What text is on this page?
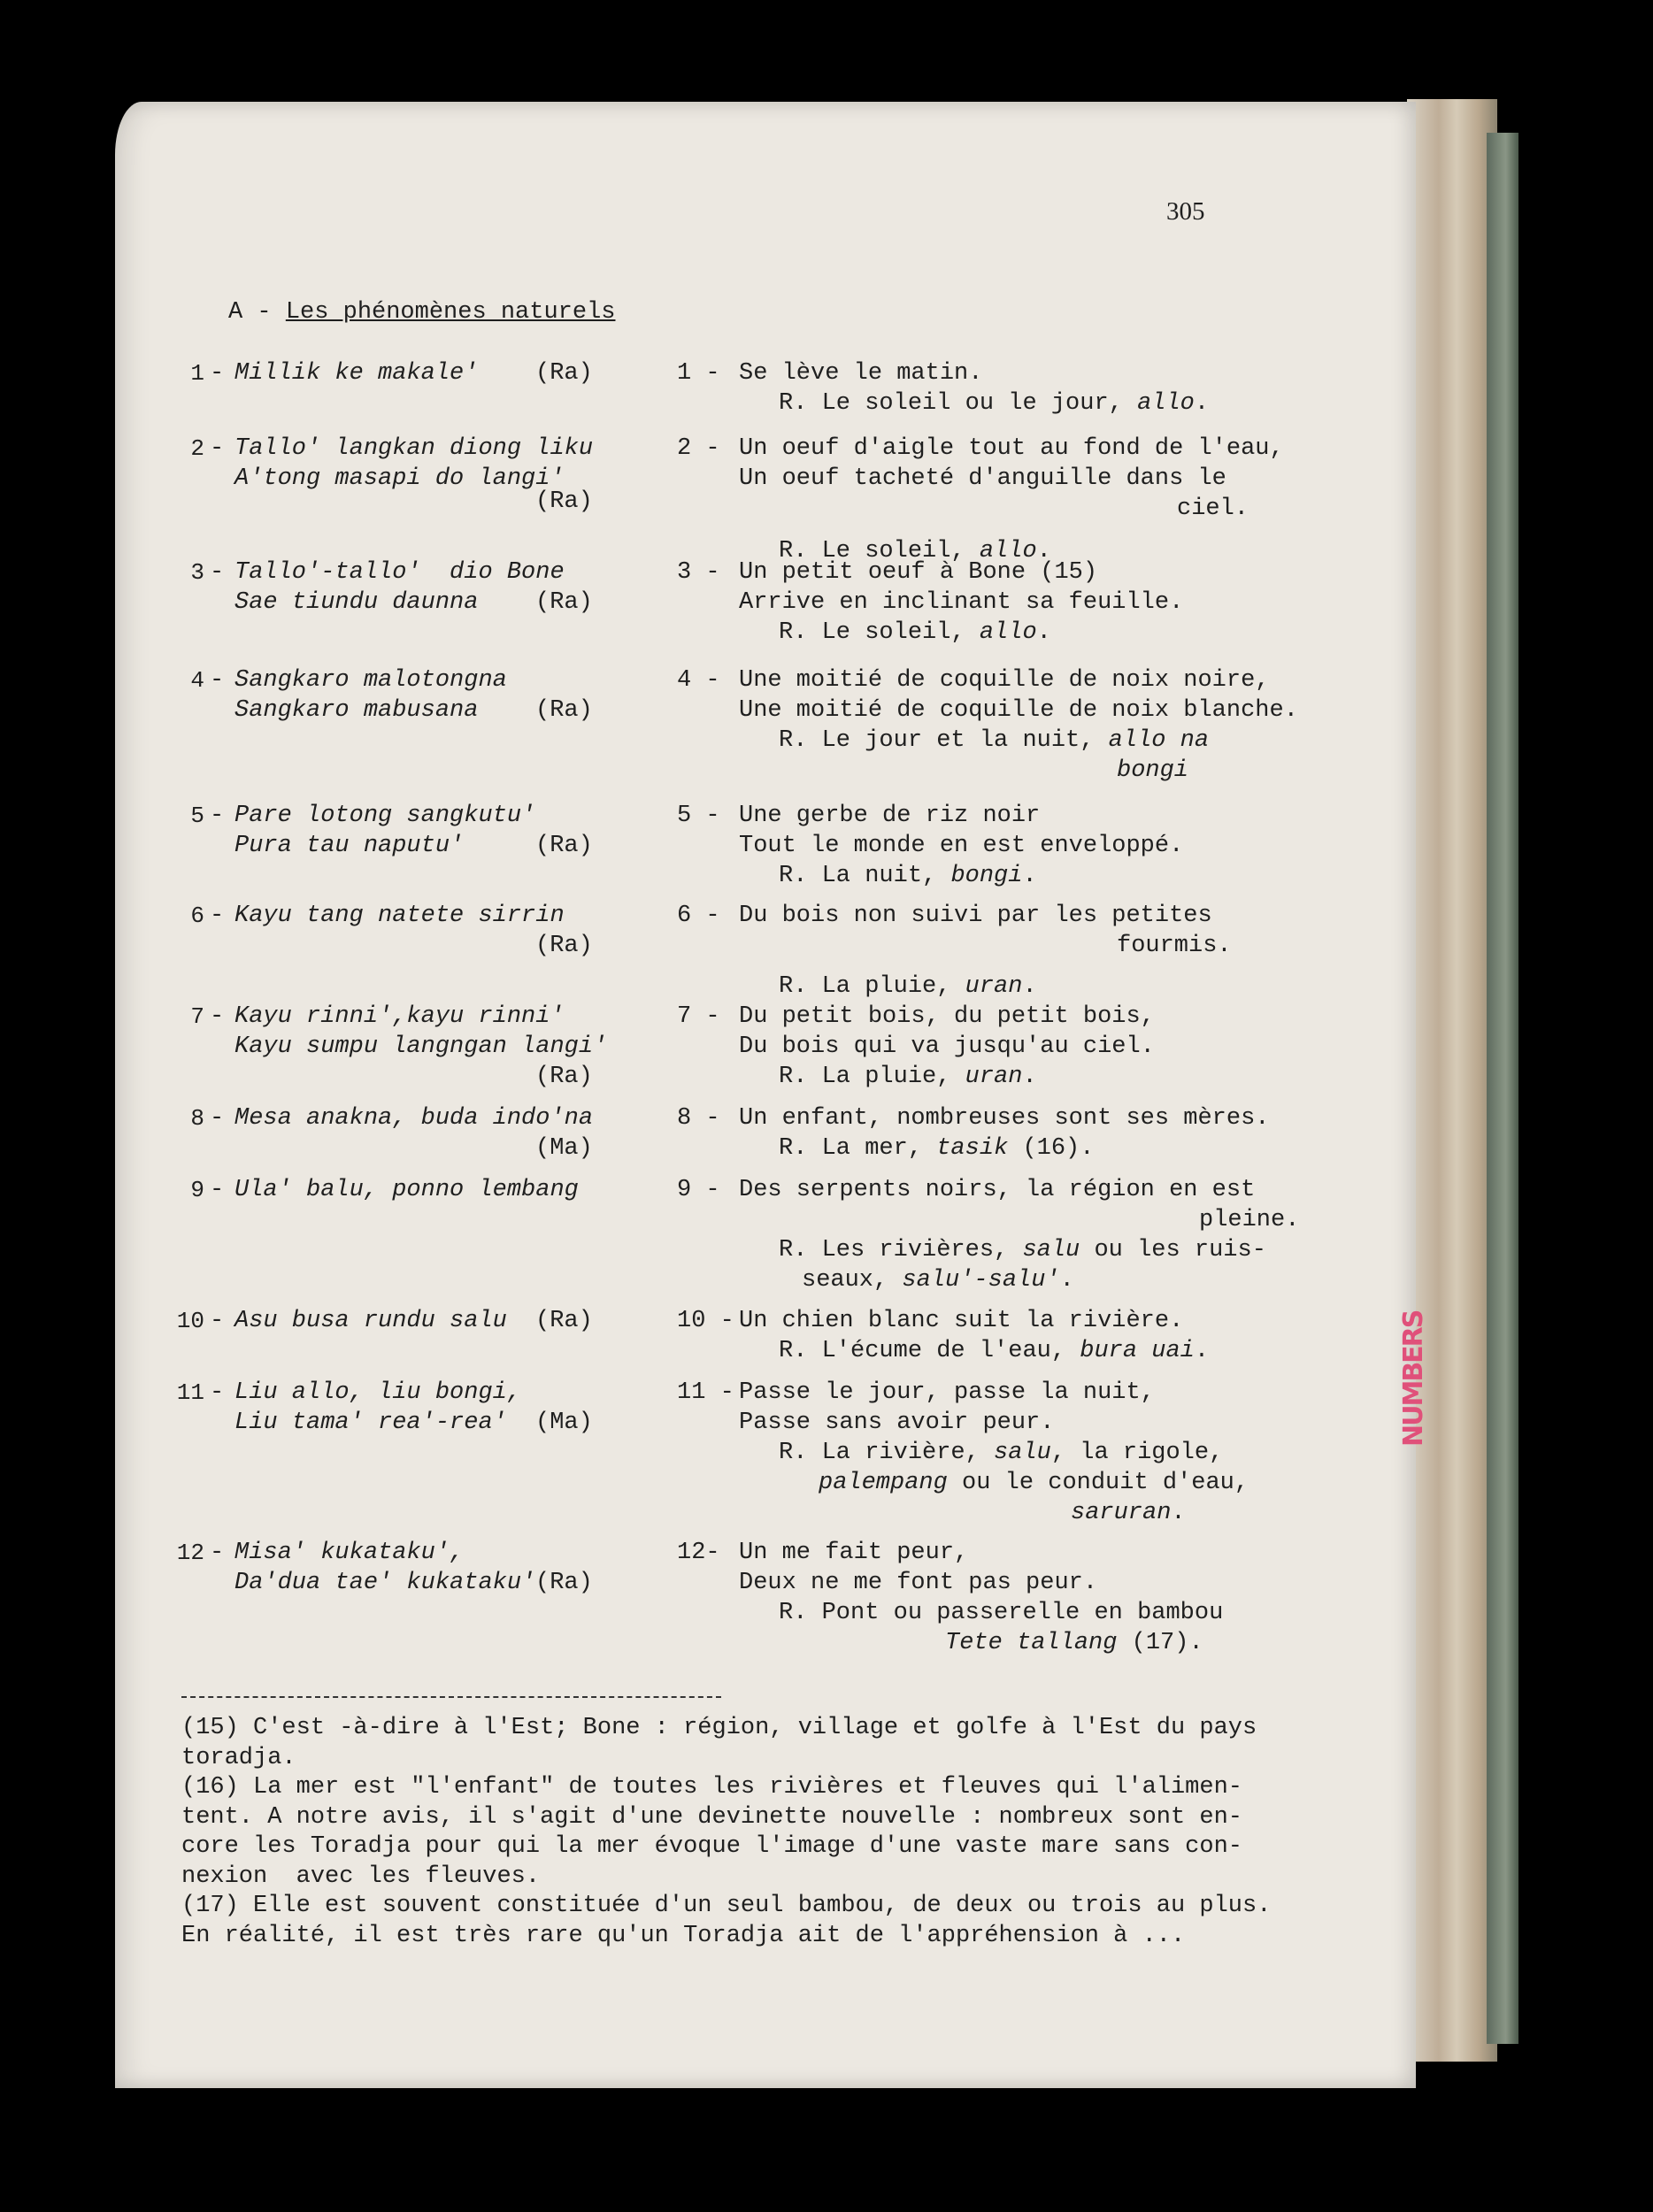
305
A - Les phénomènes naturels
1 - Millik ke makale' (Ra)
2 - Tallo' langkan diong liku
A'tong masapi do langi'
(Ra)
3 - Tallo'-tallo'  dio Bone
Sae tiundu daunna (Ra)
4 - Sangkaro malotongna
Sangkaro mabusana (Ra)
5 - Pare lotong sangkutu'
Pura tau naputu'	(Ra)
6 - Kayu tang natete sirrin
(Ra)
7 - Kayu rinni',kayu rinni'
Kayu sumpu langngan langi'
(Ra)
8 - Mesa anakna, buda indo'na
(Ma)
9 - Ula' balu, ponno lembang
10 - Asu busa rundu salu (Ra)
11 - Liu allo, liu bongi,
Liu tama' rea'-rea' (Ma)
12 - Misa' kukataku',
Da'dua tae' kukataku' (Ra)
1 - Se lève le matin.
R. Le soleil ou le jour, allo.
2 - Un oeuf d'aigle tout au fond de l'eau,
Un oeuf tacheté d'anguille dans le
ciel.
R. Le soleil, allo.
3 - Un petit oeuf à Bone (15)
Arrive en inclinant sa feuille.
R. Le soleil, allo.
4 - Une moitié de coquille de noix noire,
Une moitié de coquille de noix blanche.
R. Le jour et la nuit, allo na
bongi
5 - Une gerbe de riz noir
Tout le monde en est enveloppé.
R. La nuit, bongi.
6 - Du bois non suivi par les petites
fourmis.
R. La pluie, uran.
7 - Du petit bois, du petit bois,
Du bois qui va jusqu'au ciel.
R. La pluie, uran.
8 - Un enfant, nombreuses sont ses mères.
R. La mer, tasik (16).
9 - Des serpents noirs, la région en est
pleine.
R. Les rivières, salu ou les ruis-
seaux, salu'-salu'.
10 -
Un chien blanc suit la rivière.
R. L'écume de l'eau, bura uai.
11 -
Passe le jour, passe la nuit,
Passe sans avoir peur.
R. La rivière, salu, la rigole,
palempang ou le conduit d'eau,
saruran.
12- Un me fait peur,
Deux ne me font pas peur.
R. Pont ou passerelle en bambou
Tete tallang (17).
(15) C'est -à-dire à l'Est; Bone : région, village et golfe à l'Est du pays
toradja.
(16) La mer est "l'enfant" de toutes les rivières et fleuves qui l'alimen-
tent. A notre avis, il s'agit d'une devinette nouvelle : nombreux sont en-
core les Toradja pour qui la mer évoque l'image d'une vaste mare sans con-
nexion  avec les fleuves.
(17) Elle est souvent constituée d'un seul bambou, de deux ou trois au plus.
En réalité, il est très rare qu'un Toradja ait de l'appréhension à ...
NUMBERS
